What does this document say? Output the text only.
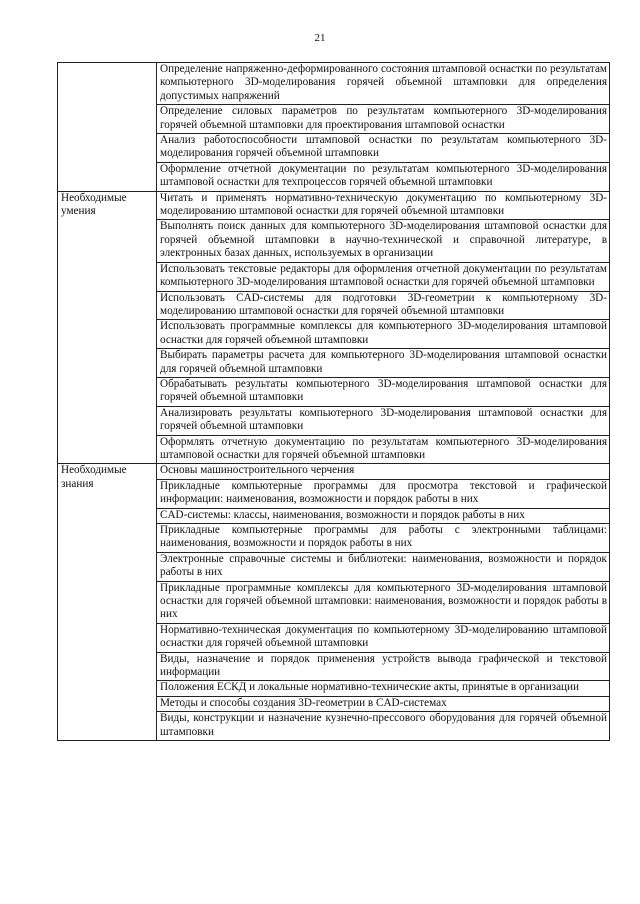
21
	Определение напряженно-деформированного состояния штамповой оснастки по результатам компьютерного 3D-моделирования горячей объемной штамповки для определения допустимых напряжений
	Определение силовых параметров по результатам компьютерного 3D-моделирования горячей объемной штамповки для проектирования штамповой оснастки
	Анализ работоспособности штамповой оснастки по результатам компьютерного 3D-моделирования горячей объемной штамповки
	Оформление отчетной документации по результатам компьютерного 3D-моделирования штамповой оснастки для техпроцессов горячей объемной штамповки
Необходимые умения	Читать и применять нормативно-техническую документацию по компьютерному 3D-моделированию штамповой оснастки для горячей объемной штамповки
	Выполнять поиск данных для компьютерного 3D-моделирования штамповой оснастки для горячей объемной штамповки в научно-технической и справочной литературе, в электронных базах данных, используемых в организации
	Использовать текстовые редакторы для оформления отчетной документации по результатам компьютерного 3D-моделирования штамповой оснастки для горячей объемной штамповки
	Использовать CAD-системы для подготовки 3D-геометрии к компьютерному 3D-моделированию штамповой оснастки для горячей объемной штамповки
	Использовать программные комплексы для компьютерного 3D-моделирования штамповой оснастки для горячей объемной штамповки
	Выбирать параметры расчета для компьютерного 3D-моделирования штамповой оснастки для горячей объемной штамповки
	Обрабатывать результаты компьютерного 3D-моделирования штамповой оснастки для горячей объемной штамповки
	Анализировать результаты компьютерного 3D-моделирования штамповой оснастки для горячей объемной штамповки
	Оформлять отчетную документацию по результатам компьютерного 3D-моделирования штамповой оснастки для горячей объемной штамповки
Необходимые знания	Основы машиностроительного черчения
	Прикладные компьютерные программы для просмотра текстовой и графической информации: наименования, возможности и порядок работы в них
	CAD-системы: классы, наименования, возможности и порядок работы в них
	Прикладные компьютерные программы для работы с электронными таблицами: наименования, возможности и порядок работы в них
	Электронные справочные системы и библиотеки: наименования, возможности и порядок работы в них
	Прикладные программные комплексы для компьютерного 3D-моделирования штамповой оснастки для горячей объемной штамповки: наименования, возможности и порядок работы в них
	Нормативно-техническая документация по компьютерному 3D-моделированию штамповой оснастки для горячей объемной штамповки
	Виды, назначение и порядок применения устройств вывода графической и текстовой информации
	Положения ЕСКД и локальные нормативно-технические акты, принятые в организации
	Методы и способы создания 3D-геометрии в CAD-системах
	Виды, конструкции и назначение кузнечно-прессового оборудования для горячей объемной штамповки
